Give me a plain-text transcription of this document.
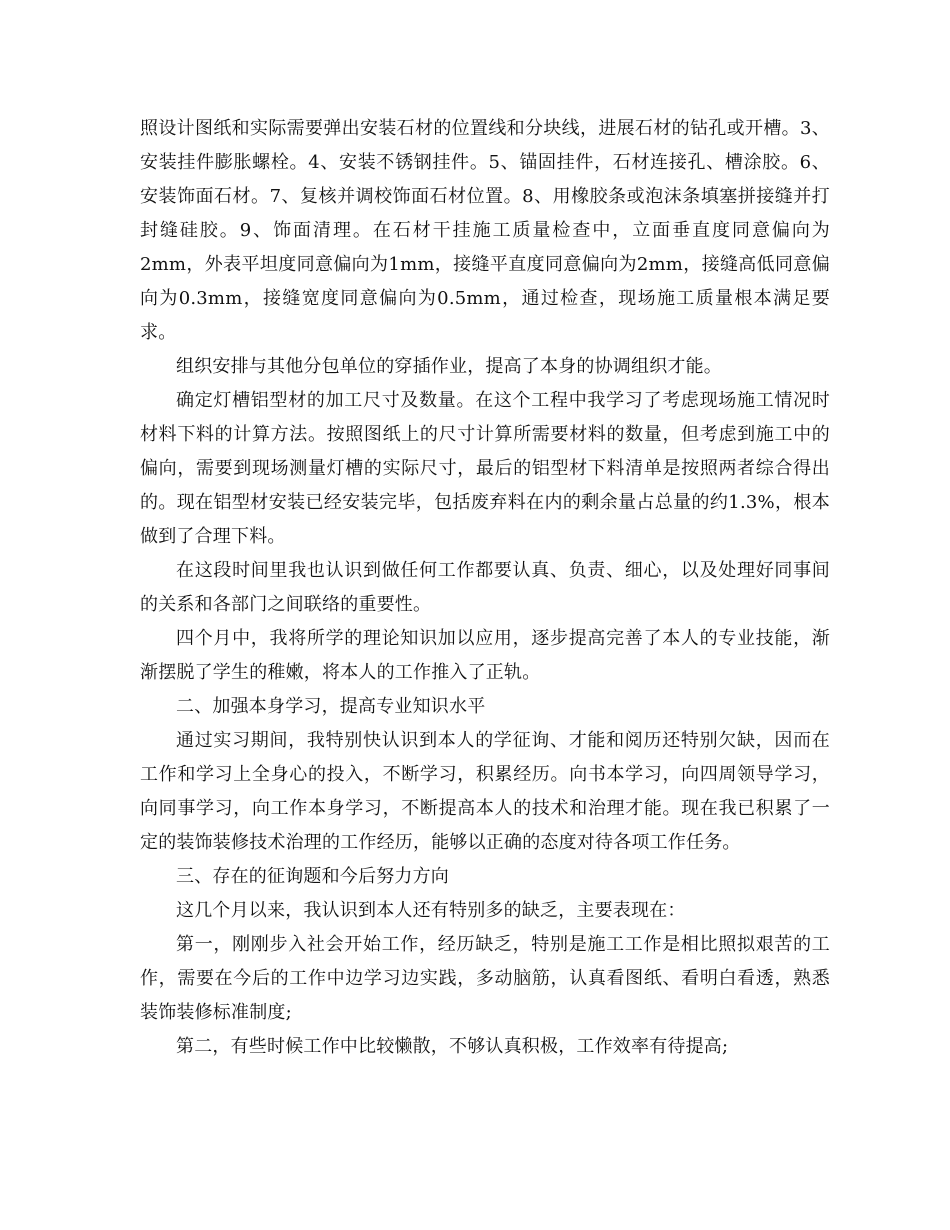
照设计图纸和实际需要弹出安装石材的位置线和分块线，进展石材的钻孔或开槽。3、安装挂件膨胀螺栓。4、安装不锈钢挂件。5、锚固挂件，石材连接孔、槽涂胶。6、安装饰面石材。7、复核并调校饰面石材位置。8、用橡胶条或泡沫条填塞拼接缝并打封缝硅胶。9、饰面清理。在石材干挂施工质量检查中，立面垂直度同意偏向为2mm，外表平坦度同意偏向为1mm，接缝平直度同意偏向为2mm，接缝高低同意偏向为0.3mm，接缝宽度同意偏向为0.5mm，通过检查，现场施工质量根本满足要求。

组织安排与其他分包单位的穿插作业，提高了本身的协调组织才能。

确定灯槽铝型材的加工尺寸及数量。在这个工程中我学习了考虑现场施工情况时材料下料的计算方法。按照图纸上的尺寸计算所需要材料的数量，但考虑到施工中的偏向，需要到现场测量灯槽的实际尺寸，最后的铝型材下料清单是按照两者综合得出的。现在铝型材安装已经安装完毕，包括废弃料在内的剩余量占总量的约1.3%，根本做到了合理下料。

在这段时间里我也认识到做任何工作都要认真、负责、细心，以及处理好同事间的关系和各部门之间联络的重要性。

四个月中，我将所学的理论知识加以应用，逐步提高完善了本人的专业技能，渐渐摆脱了学生的稚嫩，将本人的工作推入了正轨。

二、加强本身学习，提高专业知识水平

通过实习期间，我特别快认识到本人的学征询、才能和阅历还特别欠缺，因而在工作和学习上全身心的投入，不断学习，积累经历。向书本学习，向四周领导学习，向同事学习，向工作本身学习，不断提高本人的技术和治理才能。现在我已积累了一定的装饰装修技术治理的工作经历，能够以正确的态度对待各项工作任务。

三、存在的征询题和今后努力方向

这几个月以来，我认识到本人还有特别多的缺乏，主要表现在：

第一，刚刚步入社会开始工作，经历缺乏，特别是施工工作是相比照拟艰苦的工作，需要在今后的工作中边学习边实践，多动脑筋，认真看图纸、看明白看透，熟悉装饰装修标准制度;

第二，有些时候工作中比较懒散，不够认真积极，工作效率有待提高;
